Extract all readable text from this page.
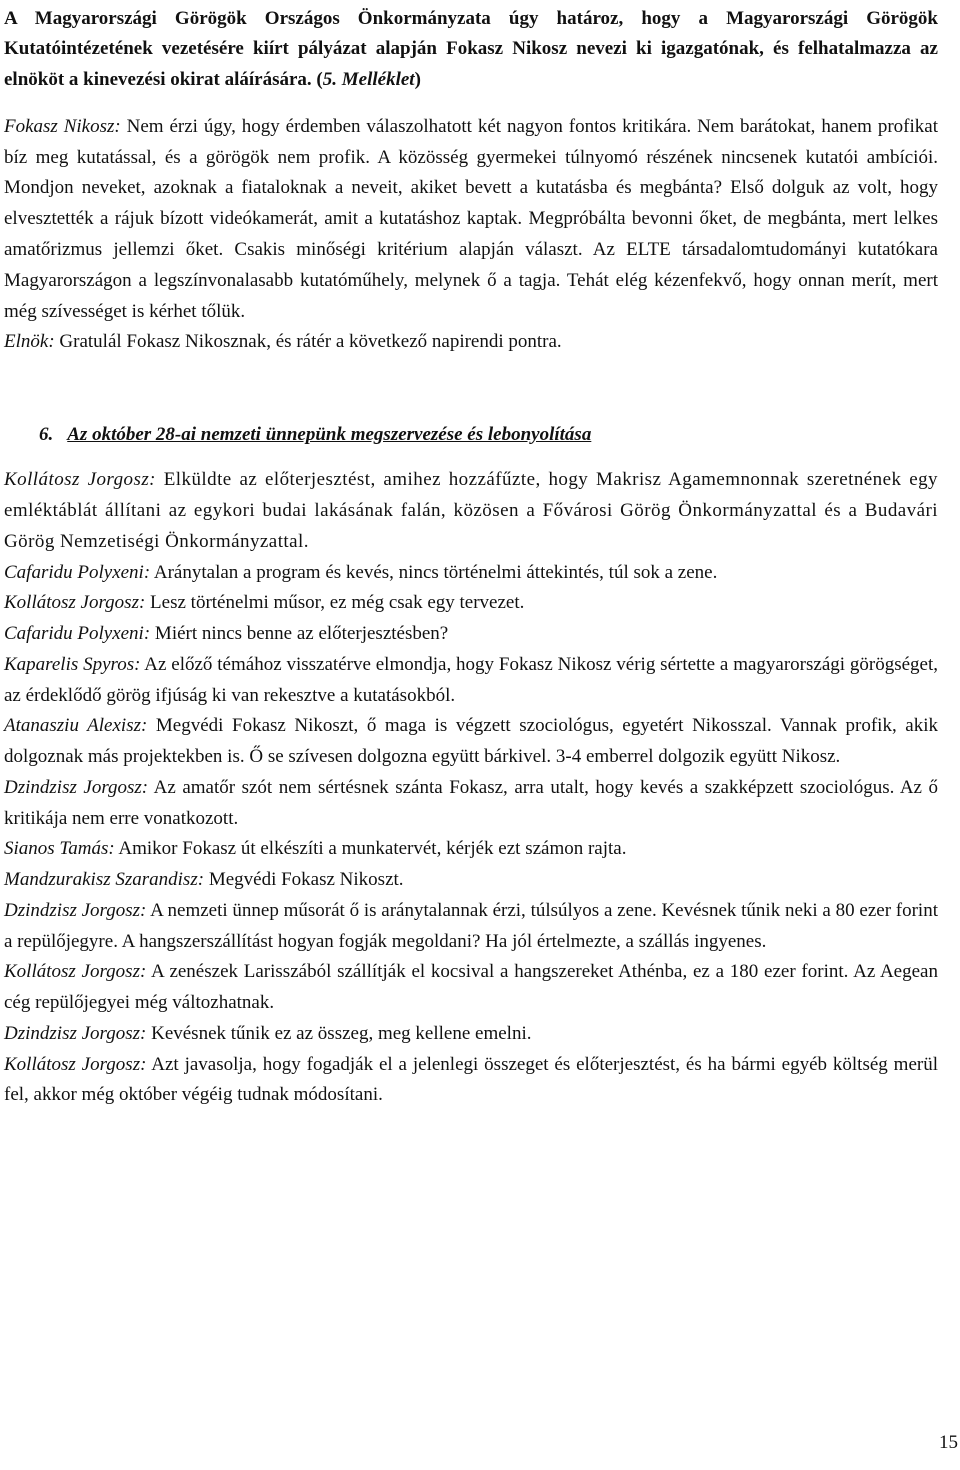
A Magyarországi Görögök Országos Önkormányzata úgy határoz, hogy a Magyarországi Görögök Kutatóintézetének vezetésére kiírt pályázat alapján Fokasz Nikosz nevezi ki igazgatónak, és felhatalmazza az elnököt a kinevezési okirat aláírására. (5. Melléklet)

Fokasz Nikosz: Nem érzi úgy, hogy érdemben válaszolhatott két nagyon fontos kritikára. Nem barátokat, hanem profikat bíz meg kutatással, és a görögök nem profik. A közösség gyermekei túlnyomó részének nincsenek kutatói ambíciói. Mondjon neveket, azoknak a fiataloknak a neveit, akiket bevett a kutatásba és megbánta? Első dolguk az volt, hogy elvesztették a rájuk bízott videókamerát, amit a kutatáshoz kaptak. Megpróbálta bevonni őket, de megbánta, mert lelkes amatőrizmus jellemzi őket. Csakis minőségi kritérium alapján választ. Az ELTE társadalomtudományi kutatókara Magyarországon a legszínvonalasabb kutatóműhely, melynek ő a tagja. Tehát elég kézenfekvő, hogy onnan merít, mert még szívességet is kérhet tőlük.

Elnök: Gratulál Fokasz Nikosznak, és rátér a következő napirendi pontra.

6. Az október 28-ai nemzeti ünnepünk megszervezése és lebonyolítása

Kollátosz Jorgosz: Elküldte az előterjesztést, amihez hozzáfűzte, hogy Makrisz Agamemnonnak szeretnének egy emléktáblát állítani az egykori budai lakásának falán, közösen a Fővárosi Görög Önkormányzattal és a Budavári Görög Nemzetiségi Önkormányzattal.

Cafaridu Polyxeni: Aránytalan a program és kevés, nincs történelmi áttekintés, túl sok a zene.

Kollátosz Jorgosz: Lesz történelmi műsor, ez még csak egy tervezet.

Cafaridu Polyxeni: Miért nincs benne az előterjesztésben?

Kaparelis Spyros: Az előző témához visszatérve elmondja, hogy Fokasz Nikosz vérig sértette a magyarországi görögséget, az érdeklődő görög ifjúság ki van rekesztve a kutatásokból.

Atanasziu Alexisz: Megvédi Fokasz Nikoszt, ő maga is végzett szociológus, egyetért Nikosszal. Vannak profik, akik dolgoznak más projektekben is. Ő se szívesen dolgozna együtt bárkivel. 3-4 emberrel dolgozik együtt Nikosz.

Dzindzisz Jorgosz: Az amatőr szót nem sértésnek szánta Fokasz, arra utalt, hogy kevés a szakképzett szociológus. Az ő kritikája nem erre vonatkozott.

Sianos Tamás: Amikor Fokasz út elkészíti a munkatervét, kérjék ezt számon rajta.

Mandzurakisz Szarandisz: Megvédi Fokasz Nikoszt.

Dzindzisz Jorgosz: A nemzeti ünnep műsorát ő is aránytalannak érzi, túlsúlyos a zene. Kevésnek tűnik neki a 80 ezer forint a repülőjegyre. A hangszerszállítást hogyan fogják megoldani? Ha jól értelmezte, a szállás ingyenes.

Kollátosz Jorgosz: A zenészek Larisszából szállítják el kocsival a hangszereket Athénba, ez a 180 ezer forint. Az Aegean cég repülőjegyei még változhatnak.

Dzindzisz Jorgosz: Kevésnek tűnik ez az összeg, meg kellene emelni.

Kollátosz Jorgosz: Azt javasolja, hogy fogadják el a jelenlegi összeget és előterjesztést, és ha bármi egyéb költség merül fel, akkor még október végéig tudnak módosítani.

15
